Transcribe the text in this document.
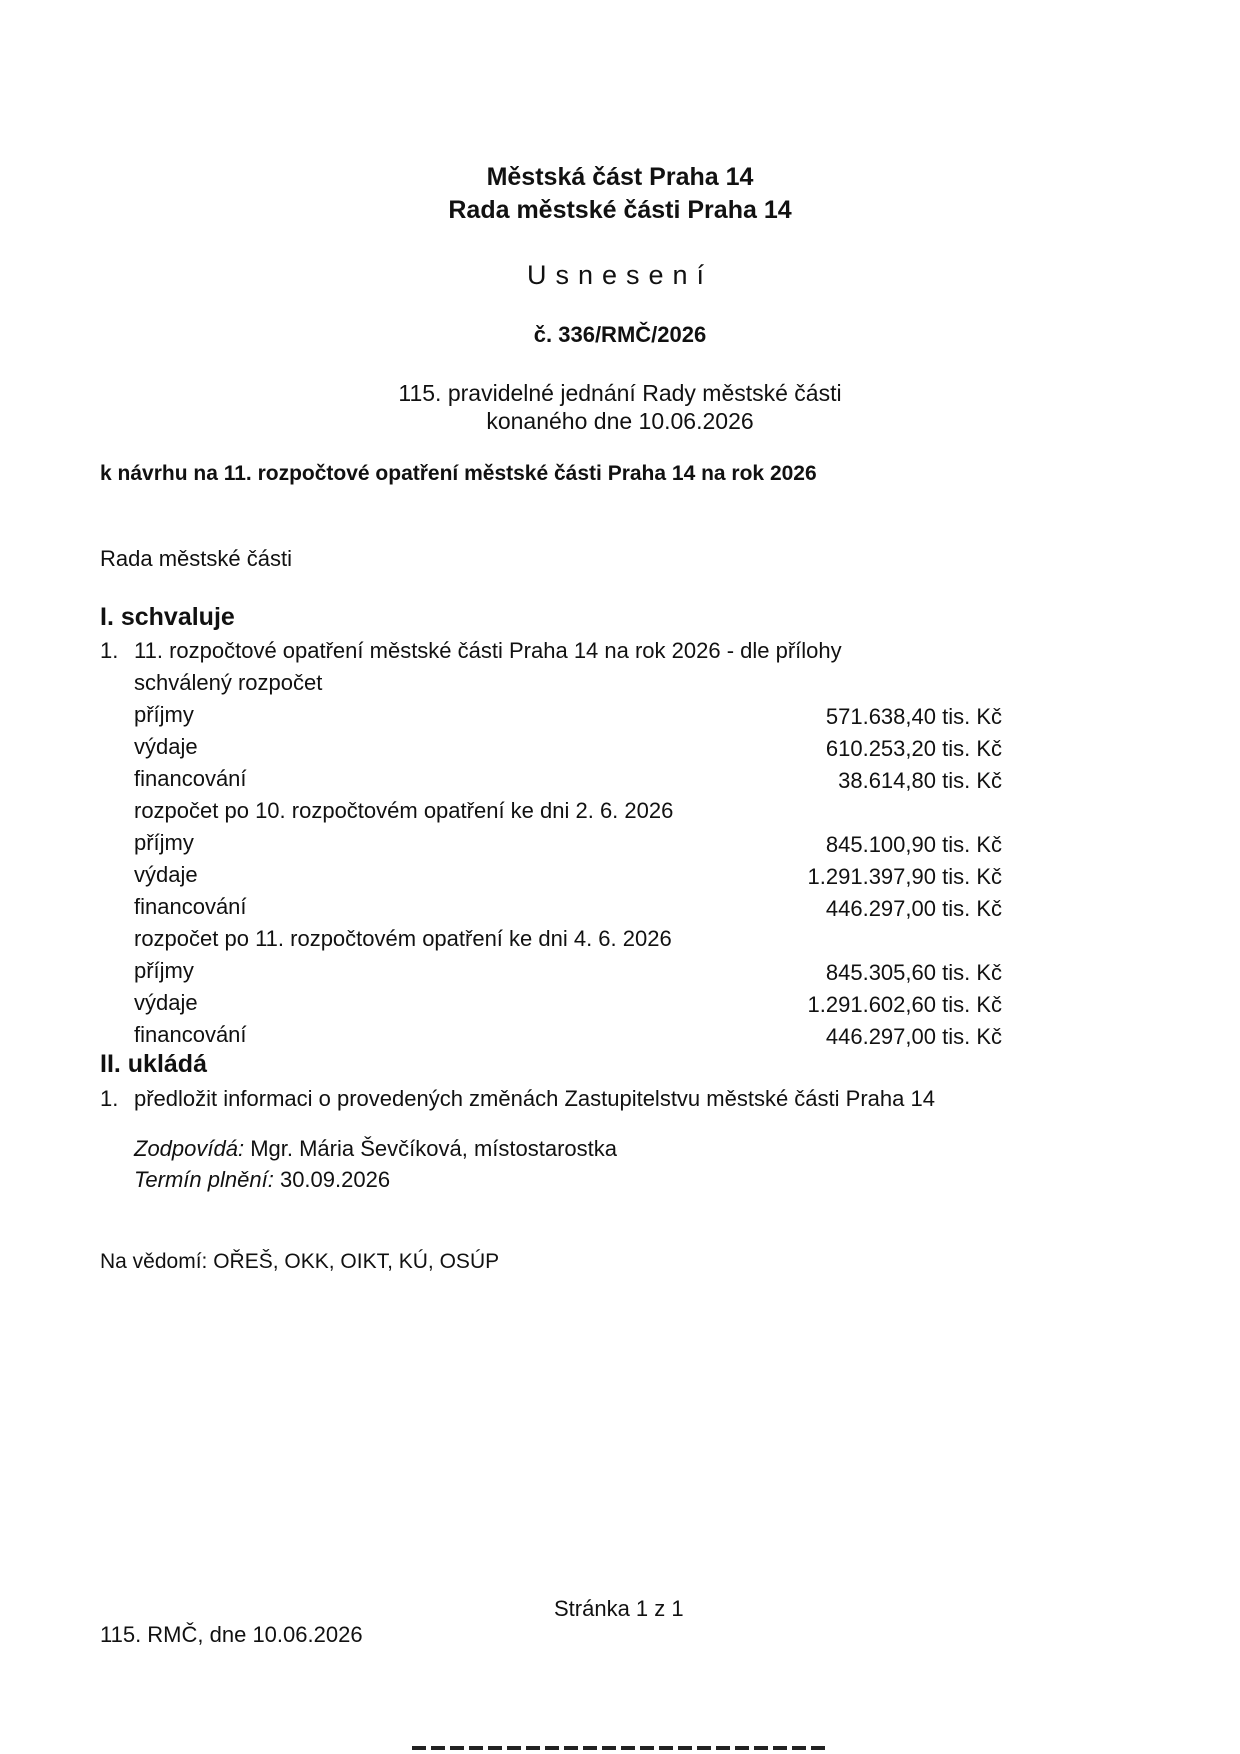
Městská část Praha 14
Rada městské části Praha 14
Usnesení
č. 336/RMČ/2026
115. pravidelné jednání Rady městské části
konaného dne 10.06.2026
k návrhu na 11. rozpočtové opatření městské části Praha 14 na rok 2026
Rada městské části
I. schvaluje
1. 11. rozpočtové opatření městské části Praha 14 na rok 2026 - dle přílohy
schválený rozpočet
příjmy	571.638,40 tis. Kč
výdaje	610.253,20 tis. Kč
financování	38.614,80 tis. Kč
rozpočet po 10. rozpočtovém opatření ke dni 2. 6. 2026
příjmy	845.100,90 tis. Kč
výdaje	1.291.397,90 tis. Kč
financování	446.297,00 tis. Kč
rozpočet po 11. rozpočtovém opatření ke dni 4. 6. 2026
příjmy	845.305,60 tis. Kč
výdaje	1.291.602,60 tis. Kč
financování	446.297,00 tis. Kč
II. ukládá
1. předložit informaci o provedených změnách Zastupitelstvu městské části Praha 14
Zodpovídá: Mgr. Mária Ševčíková, místostarostka
Termín plnění: 30.09.2026
Na vědomí: OŘEŠ, OKK, OIKT, KÚ, OSÚP
Stránka 1 z 1
115. RMČ, dne 10.06.2026
